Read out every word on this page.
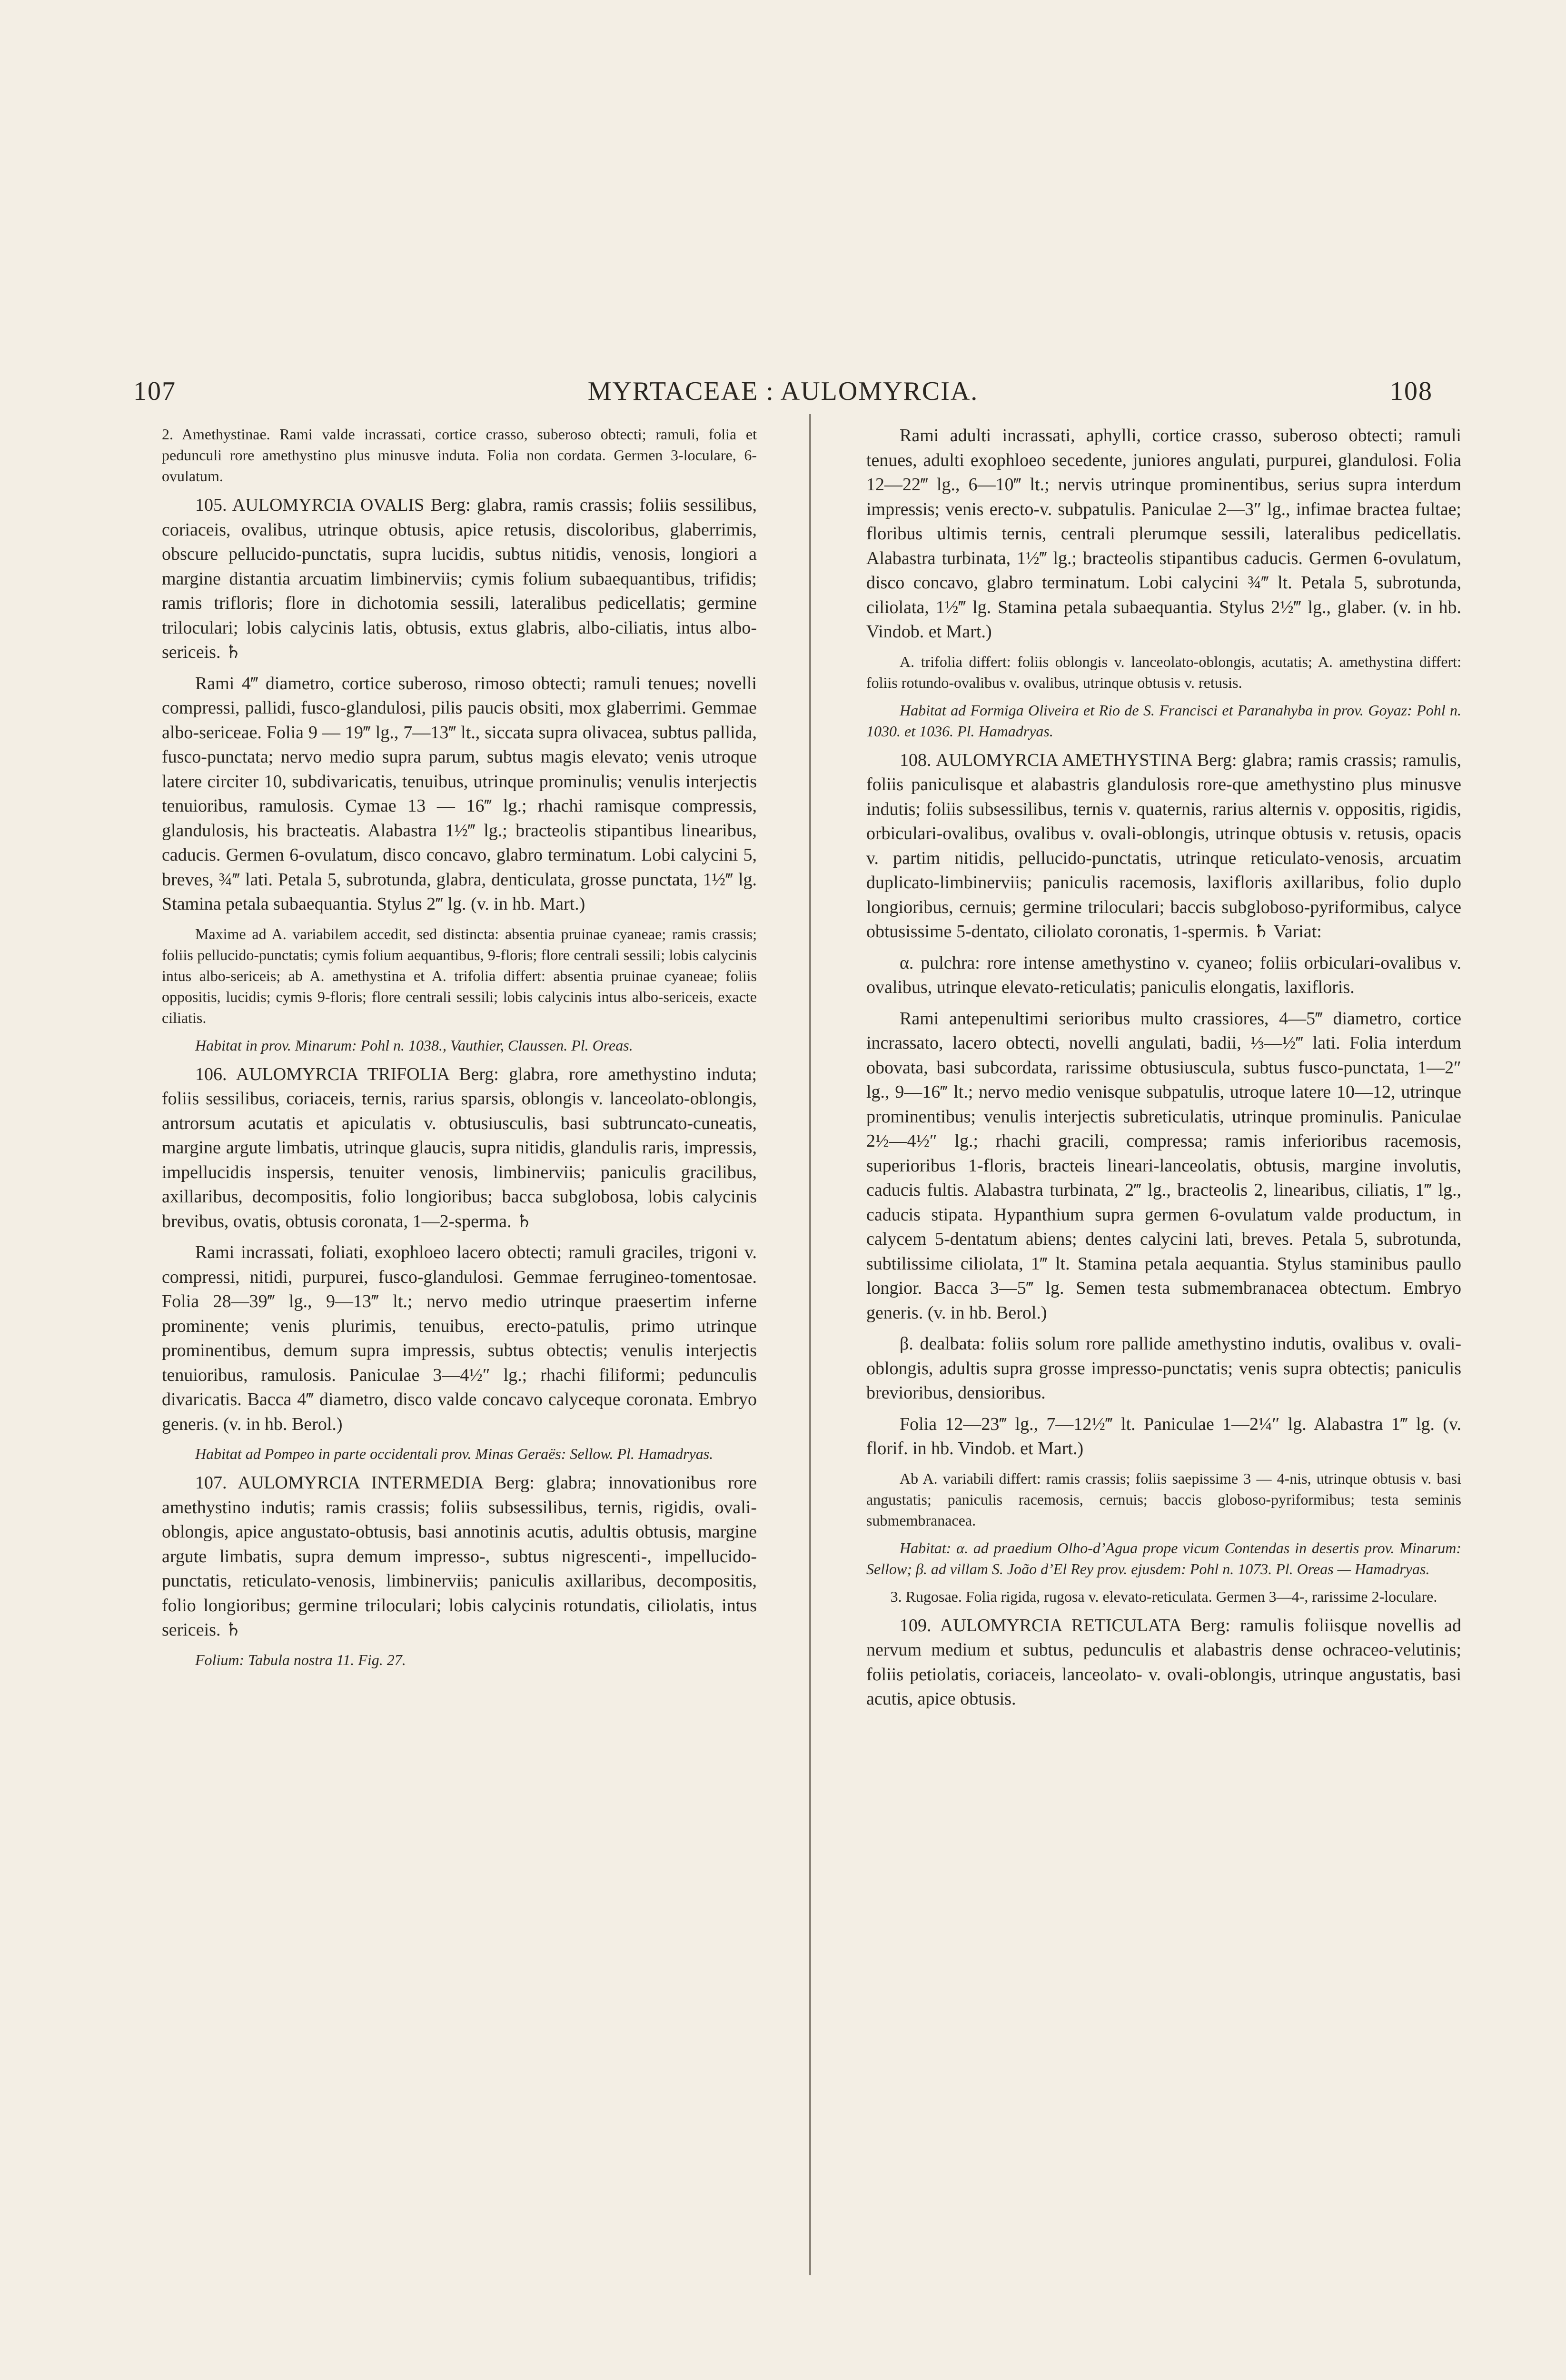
107	MYRTACEAE : AULOMYRCIA.	108

2. Amethystinae. Rami valde incrassati, cortice crasso, suberoso obtecti; ramuli, folia et pedunculi rore amethystino plus minusve induta. Folia non cordata. Germen 3-loculare, 6-ovulatum.

105. AULOMYRCIA OVALIS Berg: glabra, ramis crassis; foliis sessilibus, coriaceis, ovalibus, utrinque obtusis, apice retusis, discoloribus, glaberrimis, obscure pellucido-punctatis, supra lucidis, subtus nitidis, venosis, longiori a margine distantia arcuatim limbinerviis; cymis folium subaequantibus, trifidis; ramis trifloris; flore in dichotomia sessili, lateralibus pedicellatis; germine triloculari; lobis calycinis latis, obtusis, extus glabris, albo-ciliatis, intus albo-sericeis. ♄

Rami 4‴ diametro, cortice suberoso, rimoso obtecti; ramuli tenues; novelli compressi, pallidi, fusco-glandulosi, pilis paucis obsiti, mox glaberrimi. Gemmae albo-sericeae. Folia 9 — 19‴ lg., 7—13‴ lt., siccata supra olivacea, subtus pallida, fusco-punctata; nervo medio supra parum, subtus magis elevato; venis utroque latere circiter 10, subdivaricatis, tenuibus, utrinque prominulis; venulis interjectis tenuioribus, ramulosis. Cymae 13 — 16‴ lg.; rhachi ramisque compressis, glandulosis, his bracteatis. Alabastra 1½‴ lg.; bracteolis stipantibus linearibus, caducis. Germen 6-ovulatum, disco concavo, glabro terminatum. Lobi calycini 5, breves, ¾‴ lati. Petala 5, subrotunda, glabra, denticulata, grosse punctata, 1½‴ lg. Stamina petala subaequantia. Stylus 2‴ lg. (v. in hb. Mart.)

Maxime ad A. variabilem accedit, sed distincta: absentia pruinae cyaneae; ramis crassis; foliis pellucido-punctatis; cymis folium aequantibus, 9-floris; flore centrali sessili; lobis calycinis intus albo-sericeis; ab A. amethystina et A. trifolia differt: absentia pruinae cyaneae; foliis oppositis, lucidis; cymis 9-floris; flore centrali sessili; lobis calycinis intus albo-sericeis, exacte ciliatis.

Habitat in prov. Minarum: Pohl n. 1038., Vauthier, Claussen. Pl. Oreas.

106. AULOMYRCIA TRIFOLIA Berg: glabra, rore amethystino induta; foliis sessilibus, coriaceis, ternis, rarius sparsis, oblongis v. lanceolato-oblongis, antrorsum acutatis et apiculatis v. obtusiusculis, basi subtruncato-cuneatis, margine argute limbatis, utrinque glaucis, supra nitidis, glandulis raris, impressis, impellucidis inspersis, tenuiter venosis, limbinerviis; paniculis gracilibus, axillaribus, decompositis, folio longioribus; bacca subglobosa, lobis calycinis brevibus, ovatis, obtusis coronata, 1—2-sperma. ♄

Rami incrassati, foliati, exophloeo lacero obtecti; ramuli graciles, trigoni v. compressi, nitidi, purpurei, fusco-glandulosi. Gemmae ferrugineo-tomentosae. Folia 28—39‴ lg., 9—13‴ lt.; nervo medio utrinque praesertim inferne prominente; venis plurimis, tenuibus, erecto-patulis, primo utrinque prominentibus, demum supra impressis, subtus obtectis; venulis interjectis tenuioribus, ramulosis. Paniculae 3—4½″ lg.; rhachi filiformi; pedunculis divaricatis. Bacca 4‴ diametro, disco valde concavo calyceque coronata. Embryo generis. (v. in hb. Berol.)

Habitat ad Pompeo in parte occidentali prov. Minas Geraës: Sellow. Pl. Hamadryas.

107. AULOMYRCIA INTERMEDIA Berg: glabra; innovationibus rore amethystino indutis; ramis crassis; foliis subsessilibus, ternis, rigidis, ovali-oblongis, apice angustato-obtusis, basi annotinis acutis, adultis obtusis, margine argute limbatis, supra demum impresso-, subtus nigrescenti-, impellucido-punctatis, reticulato-venosis, limbinerviis; paniculis axillaribus, decompositis, folio longioribus; germine triloculari; lobis calycinis rotundatis, ciliolatis, intus sericeis. ♄

Folium: Tabula nostra 11. Fig. 27.

Rami adulti incrassati, aphylli, cortice crasso, suberoso obtecti; ramuli tenues, adulti exophloeo secedente, juniores angulati, purpurei, glandulosi. Folia 12—22‴ lg., 6—10‴ lt.; nervis utrinque prominentibus, serius supra interdum impressis; venis erecto-v. subpatulis. Paniculae 2—3″ lg., infimae bractea fultae; floribus ultimis ternis, centrali plerumque sessili, lateralibus pedicellatis. Alabastra turbinata, 1½‴ lg.; bracteolis stipantibus caducis. Germen 6-ovulatum, disco concavo, glabro terminatum. Lobi calycini ¾‴ lt. Petala 5, subrotunda, ciliolata, 1½‴ lg. Stamina petala subaequantia. Stylus 2½‴ lg., glaber. (v. in hb. Vindob. et Mart.)

A. trifolia differt: foliis oblongis v. lanceolato-oblongis, acutatis; A. amethystina differt: foliis rotundo-ovalibus v. ovalibus, utrinque obtusis v. retusis.

Habitat ad Formiga Oliveira et Rio de S. Francisci et Paranahyba in prov. Goyaz: Pohl n. 1030. et 1036. Pl. Hamadryas.

108. AULOMYRCIA AMETHYSTINA Berg: glabra; ramis crassis; ramulis, foliis paniculisque et alabastris glandulosis rore-que amethystino plus minusve indutis; foliis subsessilibus, ternis v. quaternis, rarius alternis v. oppositis, rigidis, orbiculari-ovalibus, ovalibus v. ovali-oblongis, utrinque obtusis v. retusis, opacis v. partim nitidis, pellucido-punctatis, utrinque reticulato-venosis, arcuatim duplicato-limbinerviis; paniculis racemosis, laxifloris axillaribus, folio duplo longioribus, cernuis; germine triloculari; baccis subgloboso-pyriformibus, calyce obtusissime 5-dentato, ciliolato coronatis, 1-spermis. ♄ Variat:

α. pulchra: rore intense amethystino v. cyaneo; foliis orbiculari-ovalibus v. ovalibus, utrinque elevato-reticulatis; paniculis elongatis, laxifloris.

Rami antepenultimi serioribus multo crassiores, 4—5‴ diametro, cortice incrassato, lacero obtecti, novelli angulati, badii, ⅓—½‴ lati. Folia interdum obovata, basi subcordata, rarissime obtusiuscula, subtus fusco-punctata, 1—2″ lg., 9—16‴ lt.; nervo medio venisque subpatulis, utroque latere 10—12, utrinque prominentibus; venulis interjectis subreticulatis, utrinque prominulis. Paniculae 2½—4½″ lg.; rhachi gracili, compressa; ramis inferioribus racemosis, superioribus 1-floris, bracteis lineari-lanceolatis, obtusis, margine involutis, caducis fultis. Alabastra turbinata, 2‴ lg., bracteolis 2, linearibus, ciliatis, 1‴ lg., caducis stipata. Hypanthium supra germen 6-ovulatum valde productum, in calycem 5-dentatum abiens; dentes calycini lati, breves. Petala 5, subrotunda, subtilissime ciliolata, 1‴ lt. Stamina petala aequantia. Stylus staminibus paullo longior. Bacca 3—5‴ lg. Semen testa submembranacea obtectum. Embryo generis. (v. in hb. Berol.)

β. dealbata: foliis solum rore pallide amethystino indutis, ovalibus v. ovali-oblongis, adultis supra grosse impresso-punctatis; venis supra obtectis; paniculis brevioribus, densioribus.

Folia 12—23‴ lg., 7—12½‴ lt. Paniculae 1—2¼″ lg. Alabastra 1‴ lg. (v. florif. in hb. Vindob. et Mart.)

Ab A. variabili differt: ramis crassis; foliis saepissime 3 — 4-nis, utrinque obtusis v. basi angustatis; paniculis racemosis, cernuis; baccis globoso-pyriformibus; testa seminis submembranacea.

Habitat: α. ad praedium Olho-d’Agua prope vicum Contendas in desertis prov. Minarum: Sellow; β. ad villam S. João d’El Rey prov. ejusdem: Pohl n. 1073. Pl. Oreas — Hamadryas.

3. Rugosae. Folia rigida, rugosa v. elevato-reticulata. Germen 3—4-, rarissime 2-loculare.

109. AULOMYRCIA RETICULATA Berg: ramulis foliisque novellis ad nervum medium et subtus, pedunculis et alabastris dense ochraceo-velutinis; foliis petiolatis, coriaceis, lanceolato- v. ovali-oblongis, utrinque angustatis, basi acutis, apice obtusis.
